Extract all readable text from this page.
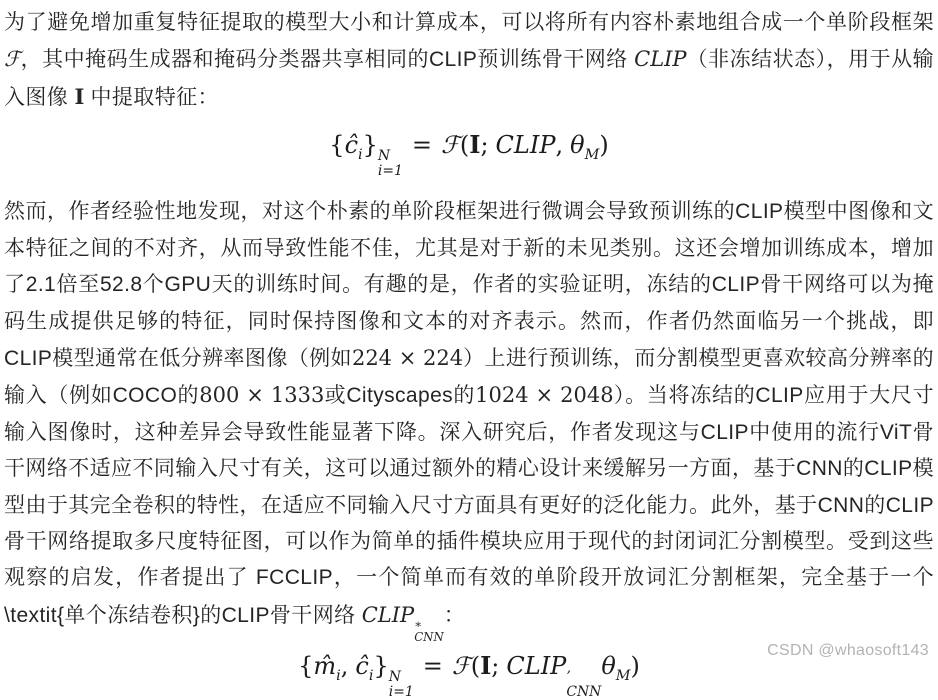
为了避免增加重复特征提取的模型大小和计算成本，可以将所有内容朴素地组合成一个单阶段框架 ℱ，其中掩码生成器和掩码分类器共享相同的CLIP预训练骨干网络 CLIP（非冻结状态），用于从输入图像 I 中提取特征：

$\{ĉ_i\}$ N
i=1
= ℱ(I; CLIP, $\theta_M$)

然而，作者经验性地发现，对这个朴素的单阶段框架进行微调会导致预训练的CLIP模型中图像和文本特征之间的不对齐，从而导致性能不佳，尤其是对于新的未见类别。这还会增加训练成本，增加了2.1倍至52.8个GPU天的训练时间。有趣的是，作者的实验证明，冻结的CLIP骨干网络可以为掩码生成提供足够的特征，同时保持图像和文本的对齐表示。然而，作者仍然面临另一个挑战，即CLIP模型通常在低分辨率图像（例如224 × 224）上进行预训练，而分割模型更喜欢较高分辨率的输入（例如COCO的800 × 1333或Cityscapes的1024 × 2048）。当将冻结的CLIP应用于大尺寸输入图像时，这种差异会导致性能显著下降。深入研究后，作者发现这与CLIP中使用的流行ViT骨干网络不适应不同输入尺寸有关，这可以通过额外的精心设计来缓解另一方面，基于CNN的CLIP模型由于其完全卷积的特性，在适应不同输入尺寸方面具有更好的泛化能力。此外，基于CNN的CLIP骨干网络提取多尺度特征图，可以作为简单的插件模块应用于现代的封闭词汇分割模型。受到这些观察的启发，作者提出了 FCCLIP，一个简单而有效的单阶段开放词汇分割框架，完全基于一个\textit{单个冻结卷积}的CLIP骨干网络 CLIP ∗
CNN
：

{$m̂_i$, $ĉ_i$} N
i=1
= ℱ(I; CLIP ’
CNN
$\theta_M$)
CSDN @whaosoft143
